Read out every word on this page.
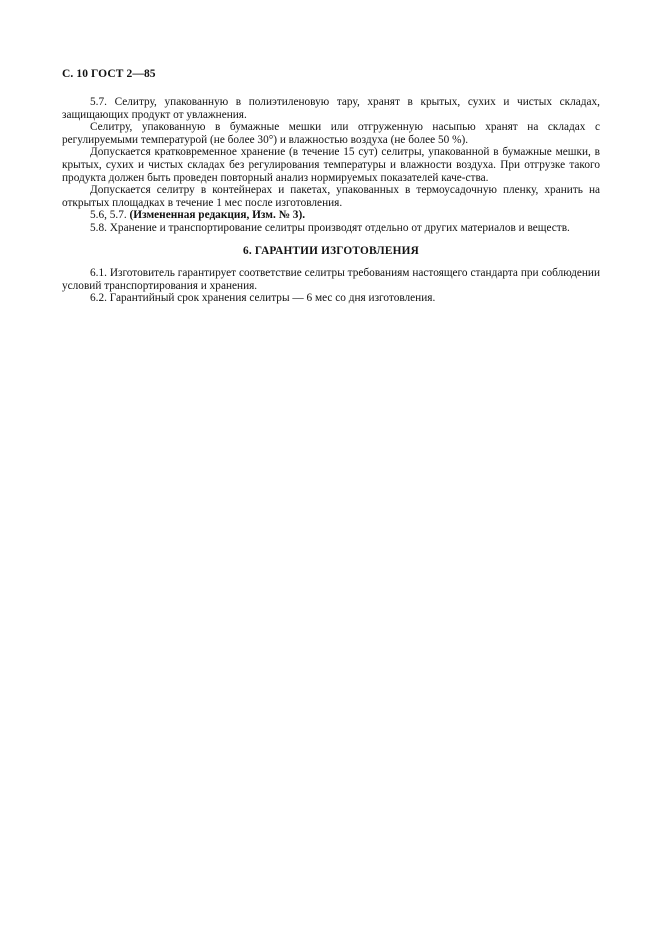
С. 10 ГОСТ 2—85

5.7. Селитру, упакованную в полиэтиленовую тару, хранят в крытых, сухих и чистых складах, защищающих продукт от увлажнения.

Селитру, упакованную в бумажные мешки или отгруженную насыпью хранят на складах с регулируемыми температурой (не более 30°) и влажностью воздуха (не более 50 %).

Допускается кратковременное хранение (в течение 15 сут) селитры, упакованной в бумажные мешки, в крытых, сухих и чистых складах без регулирования температуры и влажности воздуха. При отгрузке такого продукта должен быть проведен повторный анализ нормируемых показателей каче-ства.

Допускается селитру в контейнерах и пакетах, упакованных в термоусадочную пленку, хранить на открытых площадках в течение 1 мес после изготовления.

5.6, 5.7. (Измененная редакция, Изм. № 3).

5.8. Хранение и транспортирование селитры производят отдельно от других материалов и веществ.

6. ГАРАНТИИ ИЗГОТОВЛЕНИЯ

6.1. Изготовитель гарантирует соответствие селитры требованиям настоящего стандарта при соблюдении условий транспортирования и хранения.

6.2. Гарантийный срок хранения селитры — 6 мес со дня изготовления.
